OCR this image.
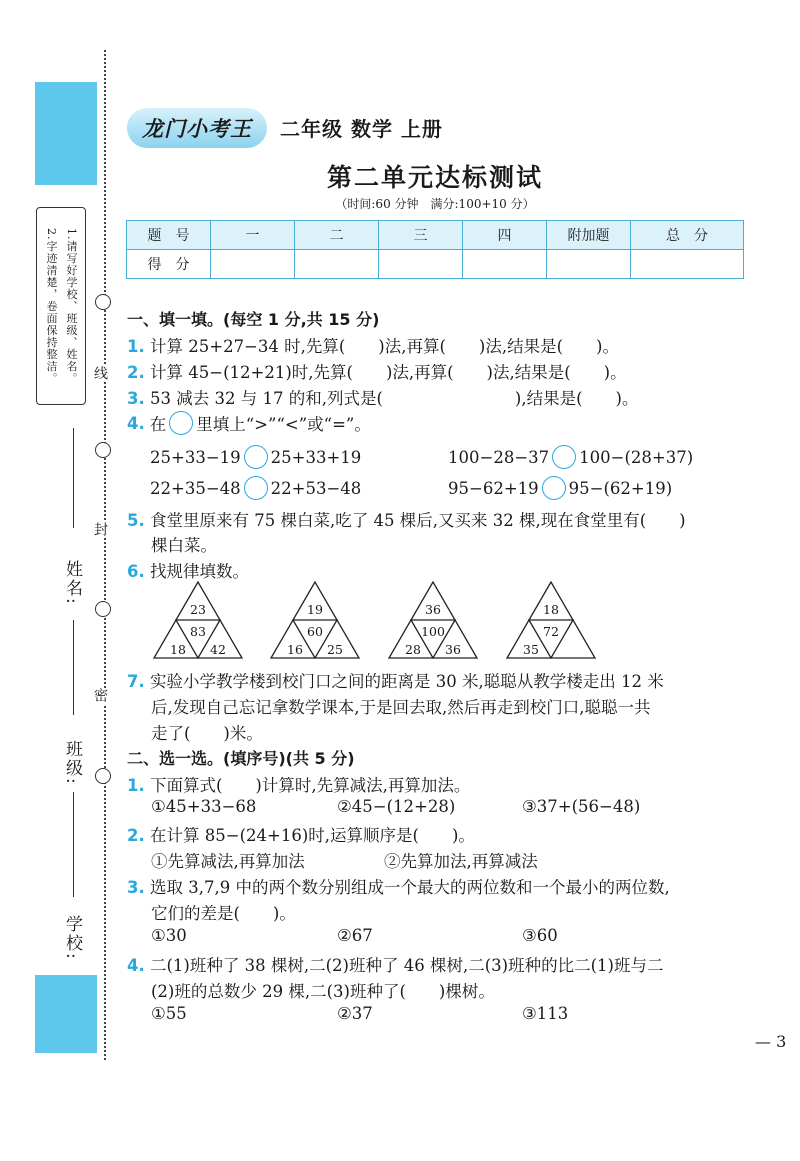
1.请写好学校、班级、姓名。
2.字迹清楚，卷面保持整洁。 线
封
密
姓名:
班级:
学校:
龙门小考王	二年级 数学 上册
第二单元达标测试
（时间:60 分钟　满分:100+10 分）
题　号	一	二	三	四	附加题	总　分
得　分						
一、填一填。(每空 1 分,共 15 分)
1. 计算 25+27−34 时,先算(　　)法,再算(　　)法,结果是(　　)。
2. 计算 45−(12+21)时,先算(　　)法,再算(　　)法,结果是(　　)。
3. 53 减去 32 与 17 的和,列式是(　　　　　　　　),结果是(　　)。
4. 在 里填上“>”“<”或“=”。
25+33−19 25+33+19	100−28−37 100−(28+37)
22+35−48 22+53−48	95−62+19 95−(62+19)
5. 食堂里原来有 75 棵白菜,吃了 45 棵后,又买来 32 棵,现在食堂里有(　　)
棵白菜。
6. 找规律填数。
23
83
18 42
19
60
16 25
36
100
28 36
18
72
35
7. 实验小学教学楼到校门口之间的距离是 30 米,聪聪从教学楼走出 12 米
后,发现自己忘记拿数学课本,于是回去取,然后再走到校门口,聪聪一共
走了(　　)米。
二、选一选。(填序号)(共 5 分)
1. 下面算式(　　)计算时,先算减法,再算加法。
①45+33−68	②45−(12+28)	③37+(56−48)
2. 在计算 85−(24+16)时,运算顺序是(　　)。
①先算减法,再算加法	②先算加法,再算减法
3. 选取 3,7,9 中的两个数分别组成一个最大的两位数和一个最小的两位数,
它们的差是(　　)。
①30	②67	③60
4. 二(1)班种了 38 棵树,二(2)班种了 46 棵树,二(3)班种的比二(1)班与二
(2)班的总数少 29 棵,二(3)班种了(　　)棵树。
①55	②37	③113
— 3
